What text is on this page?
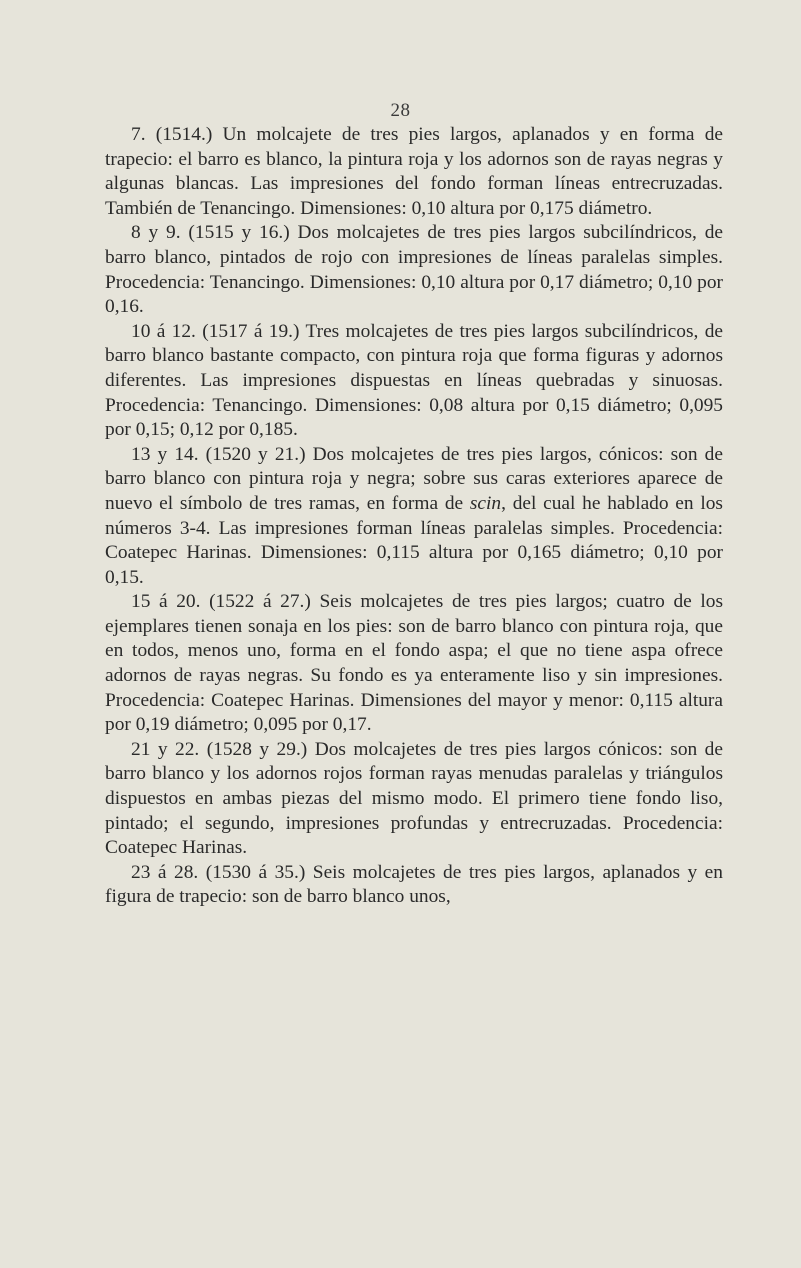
28

7. (1514.) Un molcajete de tres pies largos, aplanados y en forma de trapecio: el barro es blanco, la pintura roja y los adornos son de rayas negras y algunas blancas. Las impresiones del fondo forman líneas entrecruzadas. También de Tenancingo. Dimensiones: 0,10 altura por 0,175 diámetro.

8 y 9. (1515 y 16.) Dos molcajetes de tres pies largos subcilíndricos, de barro blanco, pintados de rojo con impresiones de líneas paralelas simples. Procedencia: Tenancingo. Dimensiones: 0,10 altura por 0,17 diámetro; 0,10 por 0,16.

10 á 12. (1517 á 19.) Tres molcajetes de tres pies largos subcilíndricos, de barro blanco bastante compacto, con pintura roja que forma figuras y adornos diferentes. Las impresiones dispuestas en líneas quebradas y sinuosas. Procedencia: Tenancingo. Dimensiones: 0,08 altura por 0,15 diámetro; 0,095 por 0,15; 0,12 por 0,185.

13 y 14. (1520 y 21.) Dos molcajetes de tres pies largos, cónicos: son de barro blanco con pintura roja y negra; sobre sus caras exteriores aparece de nuevo el símbolo de tres ramas, en forma de scin, del cual he hablado en los números 3-4. Las impresiones forman líneas paralelas simples. Procedencia: Coatepec Harinas. Dimensiones: 0,115 altura por 0,165 diámetro; 0,10 por 0,15.

15 á 20. (1522 á 27.) Seis molcajetes de tres pies largos; cuatro de los ejemplares tienen sonaja en los pies: son de barro blanco con pintura roja, que en todos, menos uno, forma en el fondo aspa; el que no tiene aspa ofrece adornos de rayas negras. Su fondo es ya enteramente liso y sin impresiones. Procedencia: Coatepec Harinas. Dimensiones del mayor y menor: 0,115 altura por 0,19 diámetro; 0,095 por 0,17.

21 y 22. (1528 y 29.) Dos molcajetes de tres pies largos cónicos: son de barro blanco y los adornos rojos forman rayas menudas paralelas y triángulos dispuestos en ambas piezas del mismo modo. El primero tiene fondo liso, pintado; el segundo, impresiones profundas y entrecruzadas. Procedencia: Coatepec Harinas.

23 á 28. (1530 á 35.) Seis molcajetes de tres pies largos, aplanados y en figura de trapecio: son de barro blanco unos,
